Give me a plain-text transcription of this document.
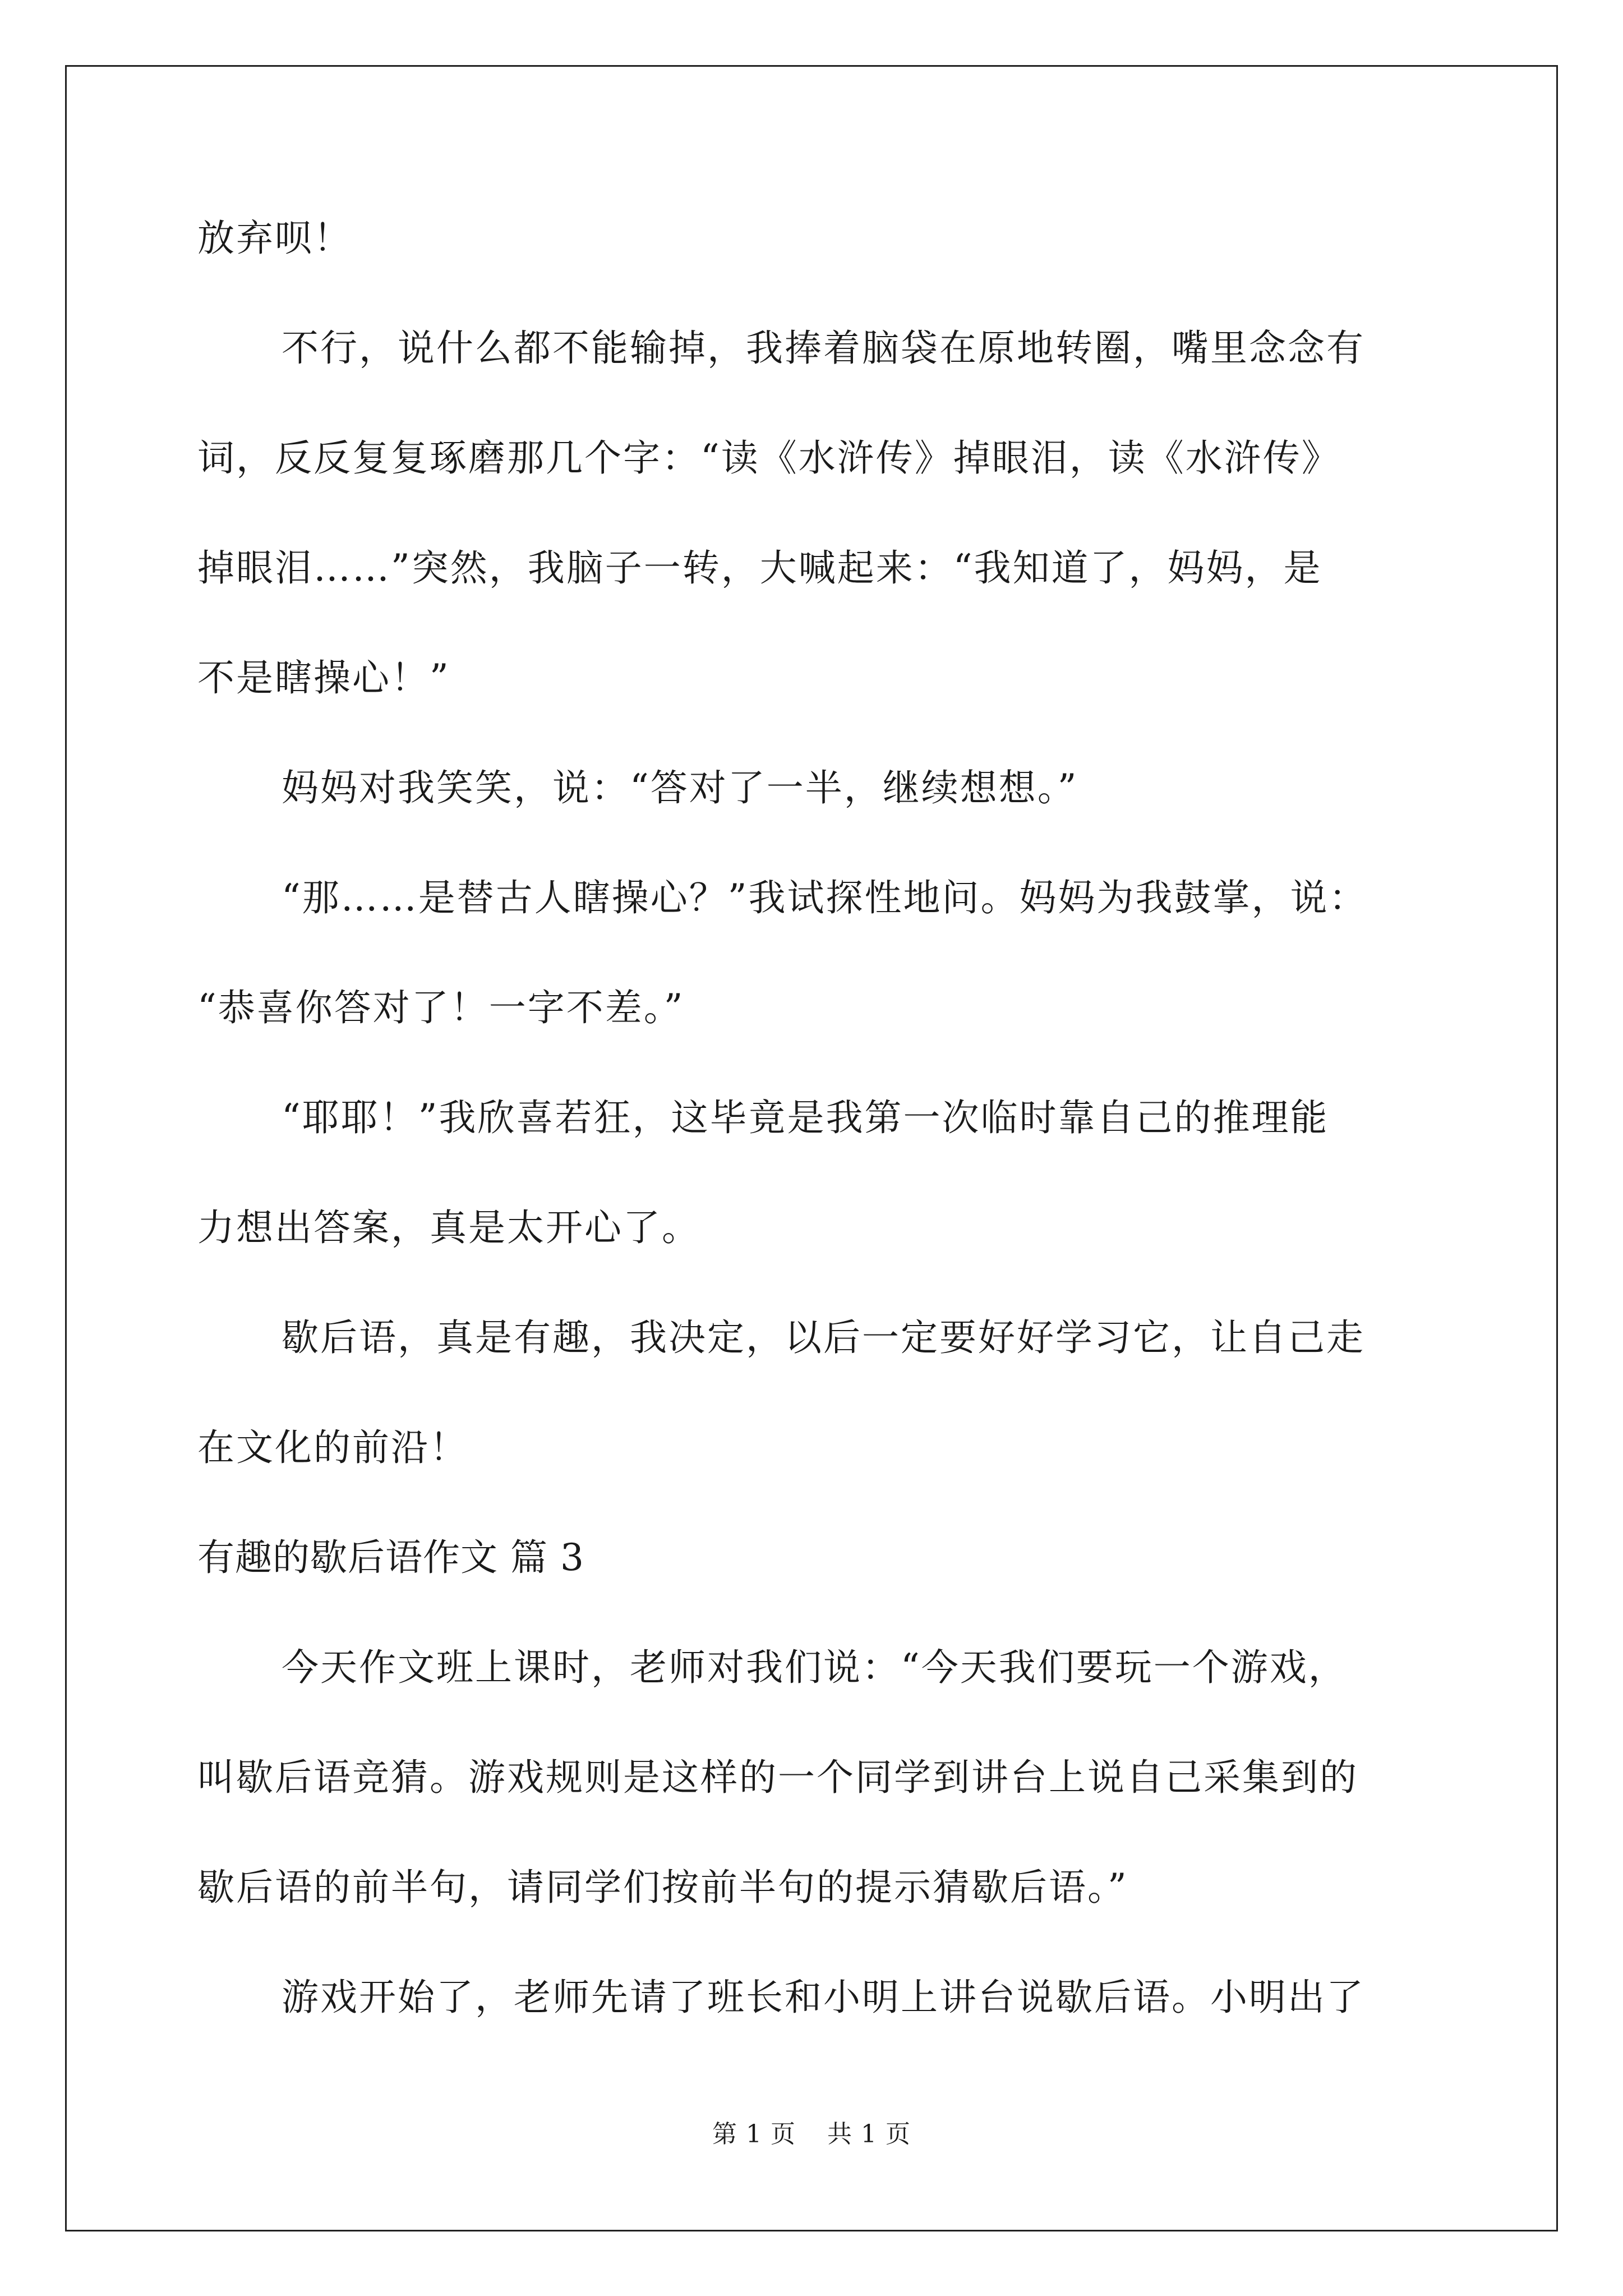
放弃呗！
不行，说什么都不能输掉，我捧着脑袋在原地转圈，嘴里念念有
词，反反复复琢磨那几个字：“读《水浒传》掉眼泪，读《水浒传》
掉眼泪……”突然，我脑子一转，大喊起来：“我知道了，妈妈，是
不是瞎操心！”
妈妈对我笑笑，说：“答对了一半，继续想想。”
“那……是替古人瞎操心？”我试探性地问。妈妈为我鼓掌，说：
“恭喜你答对了！一字不差。”
“耶耶！”我欣喜若狂，这毕竟是我第一次临时靠自己的推理能
力想出答案，真是太开心了。
歇后语，真是有趣，我决定，以后一定要好好学习它，让自己走
在文化的前沿！
有趣的歇后语作文 篇 3
今天作文班上课时，老师对我们说：“今天我们要玩一个游戏，
叫歇后语竞猜。游戏规则是这样的一个同学到讲台上说自己采集到的
歇后语的前半句，请同学们按前半句的提示猜歇后语。”
游戏开始了，老师先请了班长和小明上讲台说歇后语。小明出了
第 1 页 共 1 页
